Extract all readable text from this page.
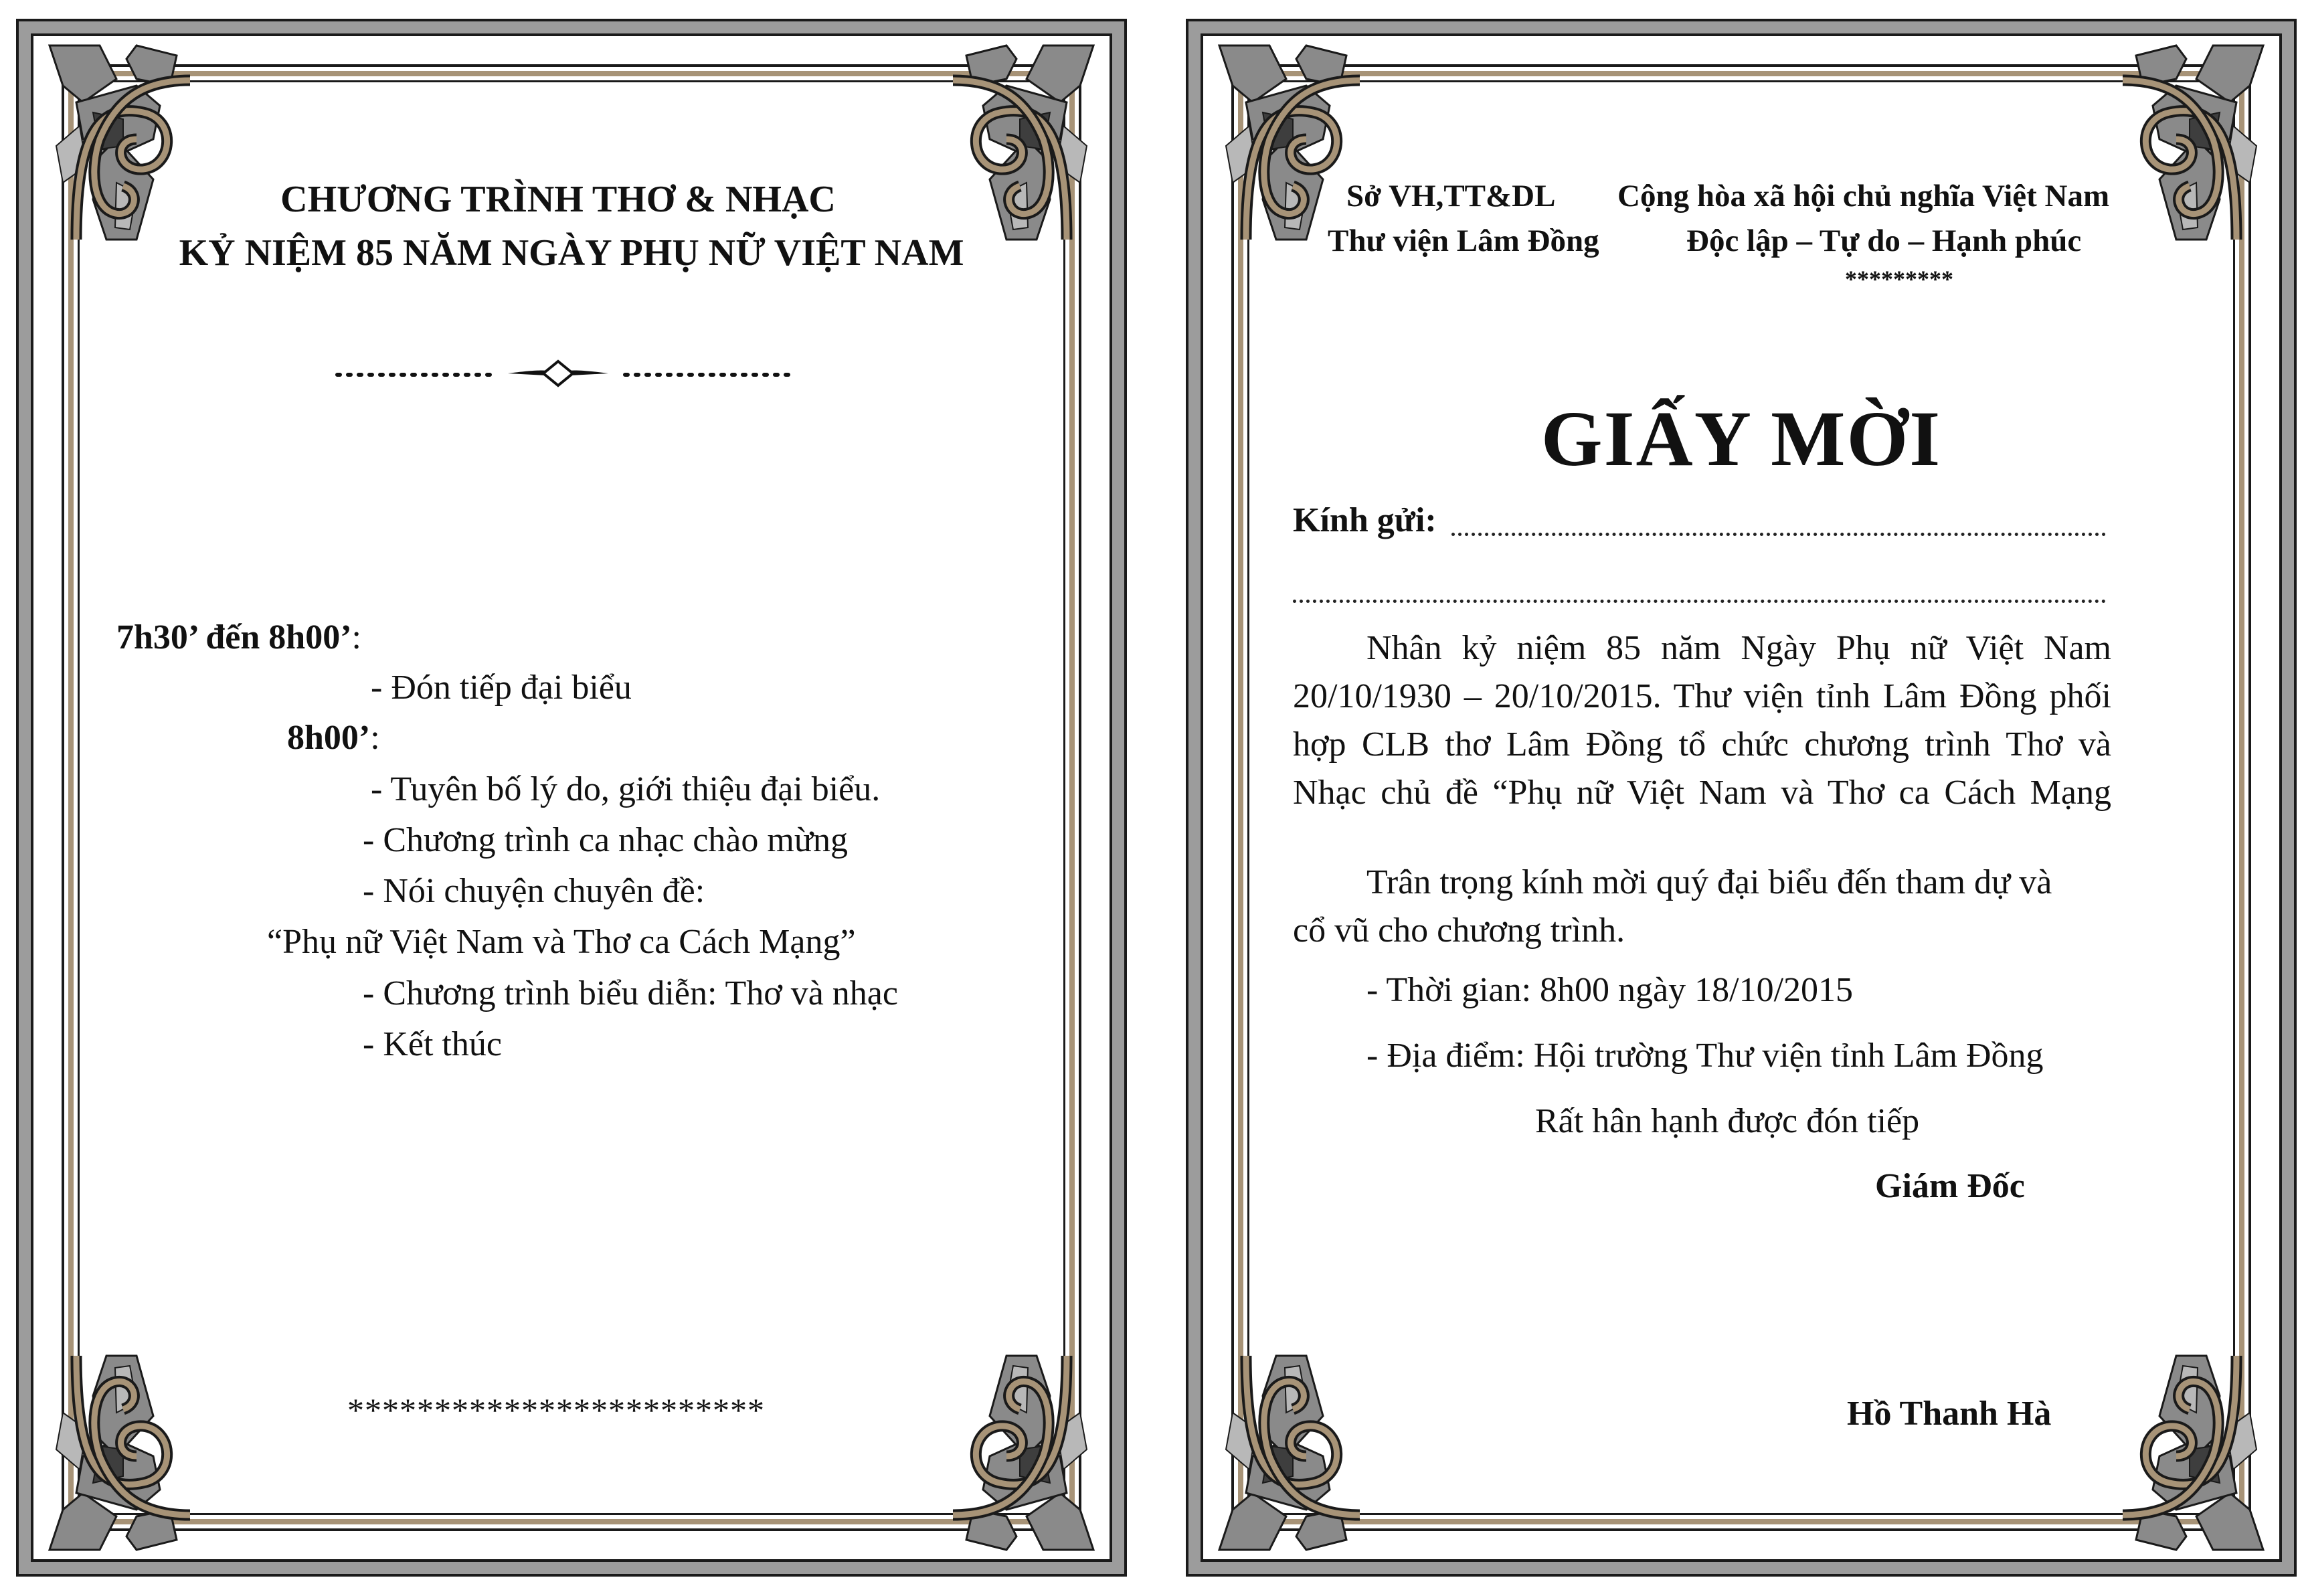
CHƯƠNG TRÌNH THƠ & NHẠC
KỶ NIỆM 85 NĂM NGÀY PHỤ NỮ VIỆT NAM
7h30’ đến 8h00’:
- Đón tiếp đại biểu
8h00’:
- Tuyên bố lý do, giới thiệu đại biểu.
- Chương trình ca nhạc chào mừng
- Nói chuyện chuyên đề:
“Phụ nữ Việt Nam và Thơ ca Cách Mạng”
- Chương trình biểu diễn: Thơ và nhạc
- Kết thúc
************************
Sở VH,TT&DL
Thư viện Lâm Đồng
Cộng hòa xã hội chủ nghĩa Việt Nam
Độc lập – Tự do – Hạnh phúc
*********
GIẤY MỜI
Kính gửi:
Nhân kỷ niệm 85 năm Ngày Phụ nữ Việt Nam
20/10/1930 – 20/10/2015. Thư viện tỉnh Lâm Đồng phối
hợp CLB thơ Lâm Đồng tổ chức chương trình Thơ và
Nhạc chủ đề “Phụ nữ Việt Nam và Thơ ca Cách Mạng
Trân trọng kính mời quý đại biểu đến tham dự và
cổ vũ cho chương trình.
- Thời gian: 8h00 ngày 18/10/2015
- Địa điểm: Hội trường Thư viện tỉnh Lâm Đồng
Rất hân hạnh được đón tiếp
Giám Đốc
Hồ Thanh Hà
